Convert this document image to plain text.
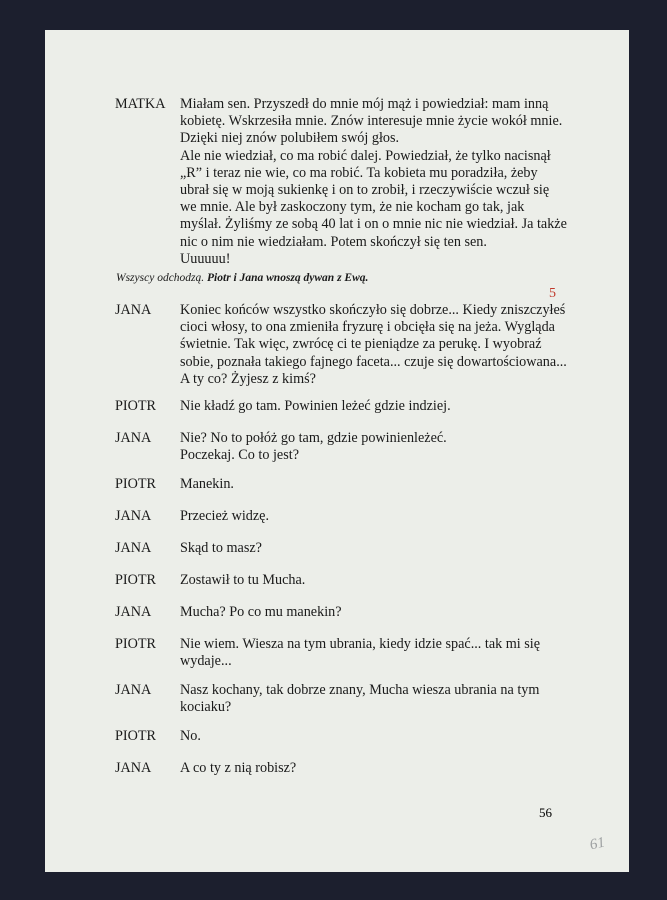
MATKA	Miałam sen. Przyszedł do mnie mój mąż i powiedział: mam inną
kobietę. Wskrzesiła mnie. Znów interesuje mnie życie wokół mnie.
Dzięki niej znów polubiłem swój głos.
Ale nie wiedział, co ma robić dalej. Powiedział, że tylko nacisnął
„R” i teraz nie wie, co ma robić. Ta kobieta mu poradziła, żeby
ubrał się w moją sukienkę i on to zrobił, i rzeczywiście wczuł się
we mnie. Ale był zaskoczony tym, że nie kocham go tak, jak
myślał. Żyliśmy ze sobą 40 lat i on o mnie nic nie wiedział. Ja także
nic o nim nie wiedziałam. Potem skończył się ten sen.
Uuuuuu!
Wszyscy odchodzą. Piotr i Jana wnoszą dywan z Ewą.
5
JANA	Koniec końców wszystko skończyło się dobrze... Kiedy zniszczyłeś
cioci włosy, to ona zmieniła fryzurę i obcięła się na jeża. Wygląda
świetnie. Tak więc, zwrócę ci te pieniądze za perukę. I wyobraź
sobie, poznała takiego fajnego faceta... czuje się dowartościowana...
A ty co? Żyjesz z kimś?
PIOTR	Nie kładź go tam. Powinien leżeć gdzie indziej.
JANA	Nie? No to połóż go tam, gdzie powinienleżeć.
Poczekaj. Co to jest?
PIOTR	Manekin.
JANA	Przecież widzę.
JANA	Skąd to masz?
PIOTR	Zostawił to tu Mucha.
JANA	Mucha? Po co mu manekin?
PIOTR	Nie wiem. Wiesza na tym ubrania, kiedy idzie spać... tak mi się
wydaje...
JANA	Nasz kochany, tak dobrze znany, Mucha wiesza ubrania na tym
kociaku?
PIOTR	No.
JANA	A co ty z nią robisz?
56
61
